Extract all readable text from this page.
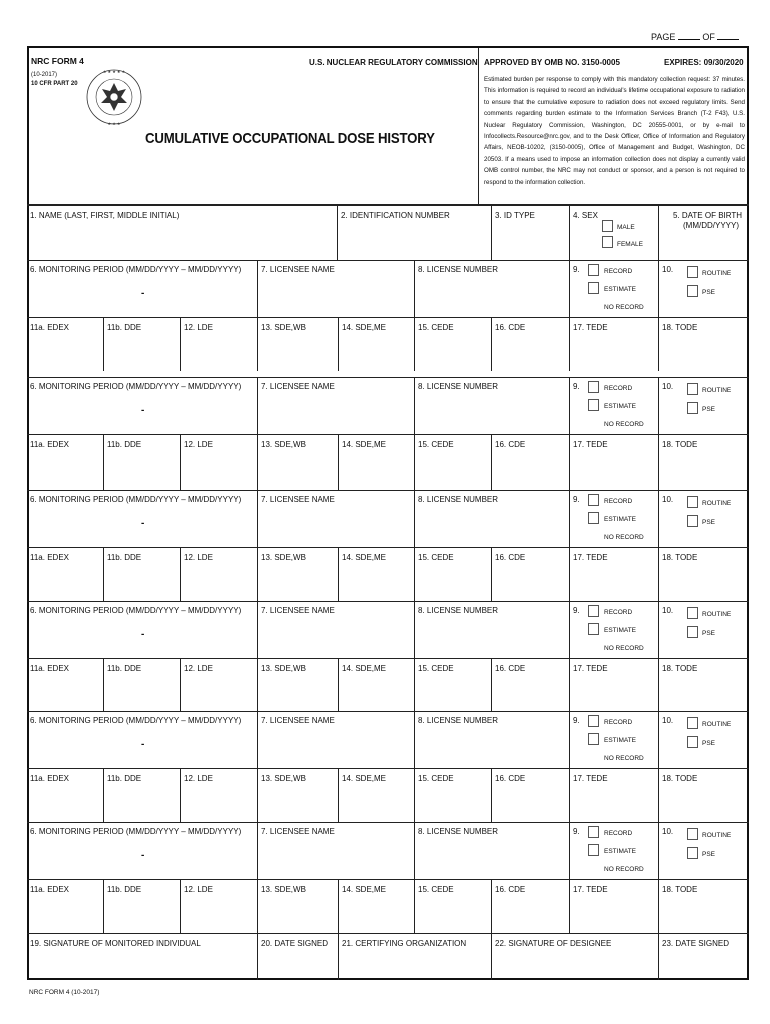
PAGE	OF
NRC FORM 4
(10-2017)
10 CFR PART 20
★ ★ ★ ★ ★
★ ★ ★
U.S. NUCLEAR REGULATORY COMMISSION
CUMULATIVE OCCUPATIONAL DOSE HISTORY
APPROVED BY OMB NO. 3150-0005	EXPIRES: 09/30/2020
Estimated burden per response to comply with this mandatory collection request: 37 minutes. This information is required to record an individual's lifetime occupational exposure to radiation to ensure that the cumulative exposure to radiation does not exceed regulatory limits. Send comments regarding burden estimate to the Information Services Branch (T-2 F43), U.S. Nuclear Regulatory Commission, Washington, DC 20555-0001, or by e-mail to Infocollects.Resource@nrc.gov, and to the Desk Officer, Office of Information and Regulatory Affairs, NEOB-10202, (3150-0005), Office of Management and Budget, Washington, DC 20503. If a means used to impose an information collection does not display a currently valid OMB control number, the NRC may not conduct or sponsor, and a person is not required to respond to the information collection.
1. NAME (LAST, FIRST, MIDDLE INITIAL)	2. IDENTIFICATION NUMBER	3. ID TYPE	4. SEX
MALE
FEMALE
5. DATE OF BIRTH
(MM/DD/YYYY)
6. MONITORING PERIOD (MM/DD/YYYY – MM/DD/YYYY)
-
7. LICENSEE NAME	8. LICENSE NUMBER	9.	RECORD
ESTIMATE
NO RECORD
10.	ROUTINE
PSE
11a. EDEX	11b. DDE	12. LDE	13. SDE,WB	14. SDE,ME	15. CEDE	16. CDE	17. TEDE	18. TODE
6. MONITORING PERIOD (MM/DD/YYYY – MM/DD/YYYY)
-
7. LICENSEE NAME	8. LICENSE NUMBER	9.	RECORD
ESTIMATE
NO RECORD
10.	ROUTINE
PSE
11a. EDEX	11b. DDE	12. LDE	13. SDE,WB	14. SDE,ME	15. CEDE	16. CDE	17. TEDE	18. TODE
6. MONITORING PERIOD (MM/DD/YYYY – MM/DD/YYYY)
-
7. LICENSEE NAME	8. LICENSE NUMBER	9.	RECORD
ESTIMATE
NO RECORD
10.	ROUTINE
PSE
11a. EDEX	11b. DDE	12. LDE	13. SDE,WB	14. SDE,ME	15. CEDE	16. CDE	17. TEDE	18. TODE
6. MONITORING PERIOD (MM/DD/YYYY – MM/DD/YYYY)
-
7. LICENSEE NAME	8. LICENSE NUMBER	9.	RECORD
ESTIMATE
NO RECORD
10.	ROUTINE
PSE
11a. EDEX	11b. DDE	12. LDE	13. SDE,WB	14. SDE,ME	15. CEDE	16. CDE	17. TEDE	18. TODE
6. MONITORING PERIOD (MM/DD/YYYY – MM/DD/YYYY)
-
7. LICENSEE NAME	8. LICENSE NUMBER	9.	RECORD
ESTIMATE
NO RECORD
10.	ROUTINE
PSE
11a. EDEX	11b. DDE	12. LDE	13. SDE,WB	14. SDE,ME	15. CEDE	16. CDE	17. TEDE	18. TODE
6. MONITORING PERIOD (MM/DD/YYYY – MM/DD/YYYY)
-
7. LICENSEE NAME	8. LICENSE NUMBER	9.	RECORD
ESTIMATE
NO RECORD
10.	ROUTINE
PSE
11a. EDEX	11b. DDE	12. LDE	13. SDE,WB	14. SDE,ME	15. CEDE	16. CDE	17. TEDE	18. TODE
19. SIGNATURE OF MONITORED INDIVIDUAL	20. DATE SIGNED 21. CERTIFYING ORGANIZATION	22. SIGNATURE OF DESIGNEE	23. DATE SIGNED
NRC FORM 4 (10-2017)
